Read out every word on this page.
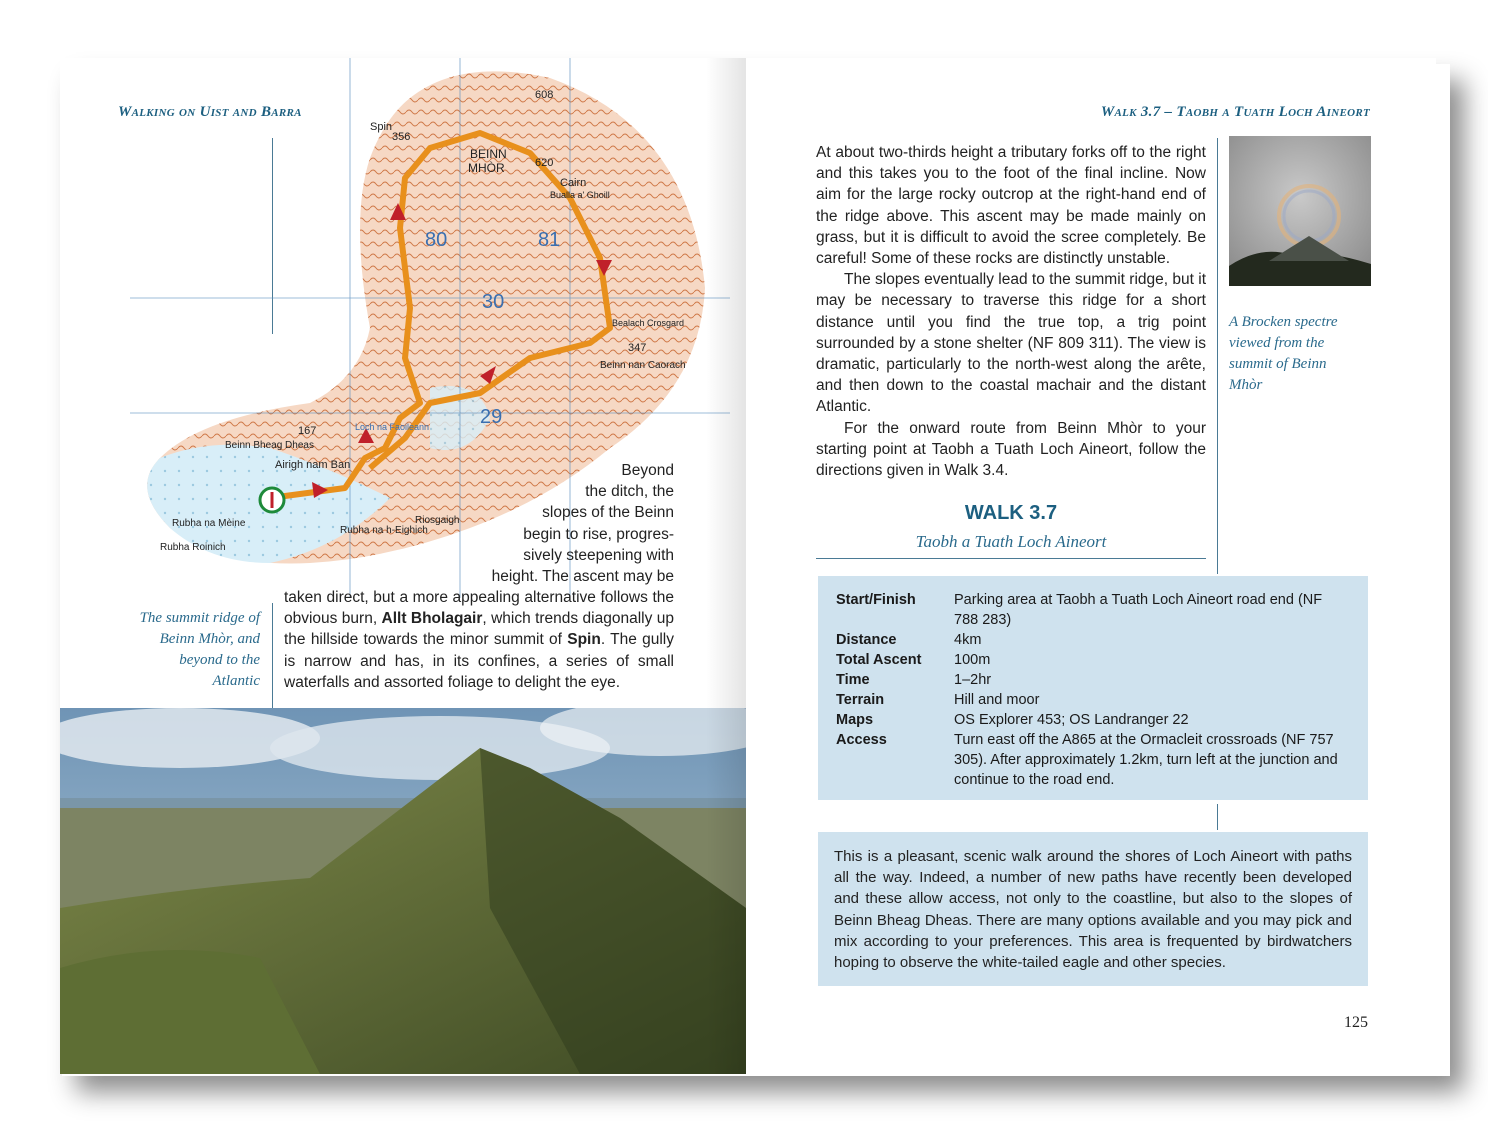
Walking on Uist and Barra
608
Spin
356
BEINN
MHÒR	620
Cairn
Bualla a' Ghoill
80	81
30
Bealach Crosgard
347
Beinn nan Caorach
29
167	Loch na Faoileann
Beinn Bheag Dheas
Airigh nam Ban
Rubha na Mèine
Rubha Roinich
Rubha na h-Eighich
Riosgaigh
Beyond
the ditch, the
slopes of the Beinn
begin to rise, progres-
sively steepening with
height. The ascent may be
taken direct, but a more appealing alternative follows the obvious burn, Allt Bholagair, which trends diagonally up the hillside towards the minor summit of Spin. The gully is narrow and has, in its confines, a series of small waterfalls and assorted foliage to delight the eye.
The summit ridge of Beinn Mhòr, and beyond to the Atlantic
Walk 3.7 – Taobh a Tuath Loch Aineort
At about two-thirds height a tributary forks off to the right and this takes you to the foot of the final incline. Now aim for the large rocky outcrop at the right-hand end of the ridge above. This ascent may be made mainly on grass, but it is difficult to avoid the scree completely. Be careful! Some of these rocks are distinctly unstable.
The slopes eventually lead to the summit ridge, but it may be necessary to traverse this ridge for a short distance until you find the true top, a trig point surrounded by a stone shelter (NF 809 311). The view is dramatic, particularly to the north-west along the arête, and then down to the coastal machair and the distant Atlantic.
For the onward route from Beinn Mhòr to your starting point at Taobh a Tuath Loch Aineort, follow the directions given in Walk 3.4.
A Brocken spectre viewed from the summit of Beinn Mhòr
WALK 3.7
Taobh a Tuath Loch Aineort
Start/Finish	Parking area at Taobh a Tuath Loch Aineort road end (NF 788 283)
Distance	4km
Total Ascent	100m
Time	1–2hr
Terrain	Hill and moor
Maps	OS Explorer 453; OS Landranger 22
Access	Turn east off the A865 at the Ormacleit crossroads (NF 757 305). After approximately 1.2km, turn left at the junction and continue to the road end.
This is a pleasant, scenic walk around the shores of Loch Aineort with paths all the way. Indeed, a number of new paths have recently been developed and these allow access, not only to the coastline, but also to the slopes of Beinn Bheag Dheas. There are many options available and you may pick and mix according to your preferences. This area is frequented by birdwatchers hoping to observe the white-tailed eagle and other species.
125
